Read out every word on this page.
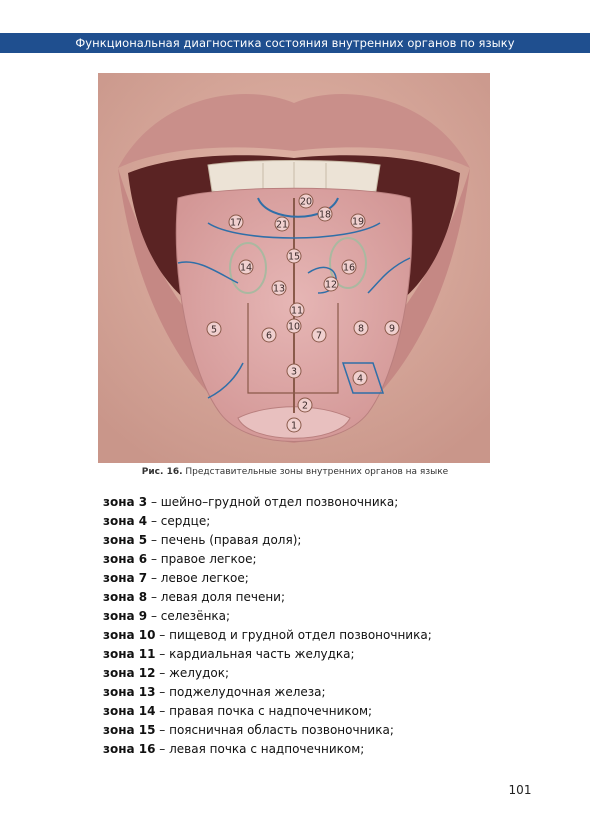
Функциональная диагностика состояния внутренних органов по языку
1
2
3
4
5
6	7
8	9
10
11
12
13
14
15
16
17
18
19
20
21
Рис. 16. Представительные зоны внутренних органов на языке
зона 3 – шейно–грудной отдел позвоночника;
зона 4 – сердце;
зона 5 – печень (правая доля);
зона 6 – правое легкое;
зона 7 – левое легкое;
зона 8 – левая доля печени;
зона 9 – селезёнка;
зона 10 – пищевод и грудной отдел позвоночника;
зона 11 – кардиальная часть желудка;
зона 12 – желудок;
зона 13 – поджелудочная железа;
зона 14 – правая почка с надпочечником;
зона 15 – поясничная область позвоночника;
зона 16 – левая почка с надпочечником;
101
